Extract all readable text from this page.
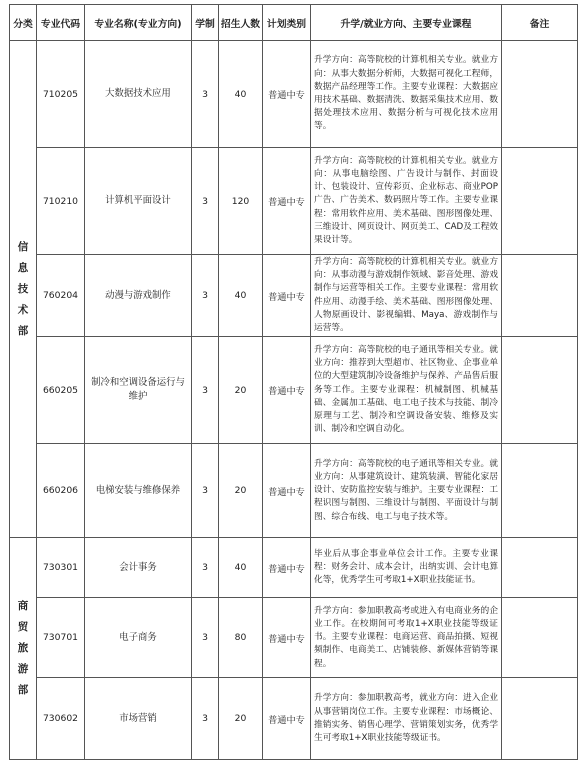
分类	专业代码	专业名称(专业方向)	学制	招生人数	计划类别	升学/就业方向、主要专业课程	备注
信息技术部	710205	大数据技术应用	3	40	普通中专	升学方向：高等院校的计算机相关专业。就业方向：从事大数据分析师，大数据可视化工程师，数据产品经理等工作。主要专业课程：大数据应用技术基础、数据清洗、数据采集技术应用、数据处理技术应用、数据分析与可视化技术应用等。	
	710210	计算机平面设计	3	120	普通中专	升学方向：高等院校的计算机相关专业。就业方向：从事电脑绘图、广告设计与制作、封面设计、包装设计、宣传彩页、企业标志、商业POP广告、广告美术、数码照片等工作。主要专业课程：常用软件应用、美术基础、图形图像处理、三维设计、网页设计、网页美工、CAD及工程效果设计等。	
	760204	动漫与游戏制作	3	40	普通中专	升学方向：高等院校的计算机相关专业。就业方向：从事动漫与游戏制作领域、影音处理、游戏制作与运营等相关工作。主要专业课程：常用软件应用、动漫手绘、美术基础、图形图像处理、人物原画设计、影视编辑、Maya、游戏制作与运营等。	
	660205	制冷和空调设备运行与维护	3	20	普通中专	升学方向：高等院校的电子通讯等相关专业。就业方向：推荐到大型超市、社区物业、企事业单位的大型建筑制冷设备维护与保养、产品售后服务等工作。主要专业课程：机械制图、机械基础、金属加工基础、电工电子技术与技能、制冷原理与工艺、制冷和空调设备安装、维修及实训、制冷和空调自动化。	
	660206	电梯安装与维修保养	3	20	普通中专	升学方向：高等院校的电子通讯等相关专业。就业方向：从事建筑设计、建筑装潢、智能化家居设计、安防监控安装与维护。主要专业课程：工程识图与制图、三维设计与制图、平面设计与制图、综合布线、电工与电子技术等。	
商贸旅游部	730301	会计事务	3	40	普通中专	毕业后从事企事业单位会计工作。主要专业课程：财务会计、成本会计，出纳实训、会计电算化等，优秀学生可考取1+X职业技能证书。	
	730701	电子商务	3	80	普通中专	升学方向：参加职教高考或进入有电商业务的企业工作。在校期间可考取1+X职业技能等级证书。主要专业课程：电商运营、商品拍摄、短视频制作、电商美工、店铺装修、新媒体营销等课程。	
	730602	市场营销	3	20	普通中专	升学方向：参加职教高考，就业方向：进入企业从事营销岗位工作。主要专业课程：市场概论、推销实务、销售心理学、营销策划实务，优秀学生可考取1+X职业技能等级证书。	
